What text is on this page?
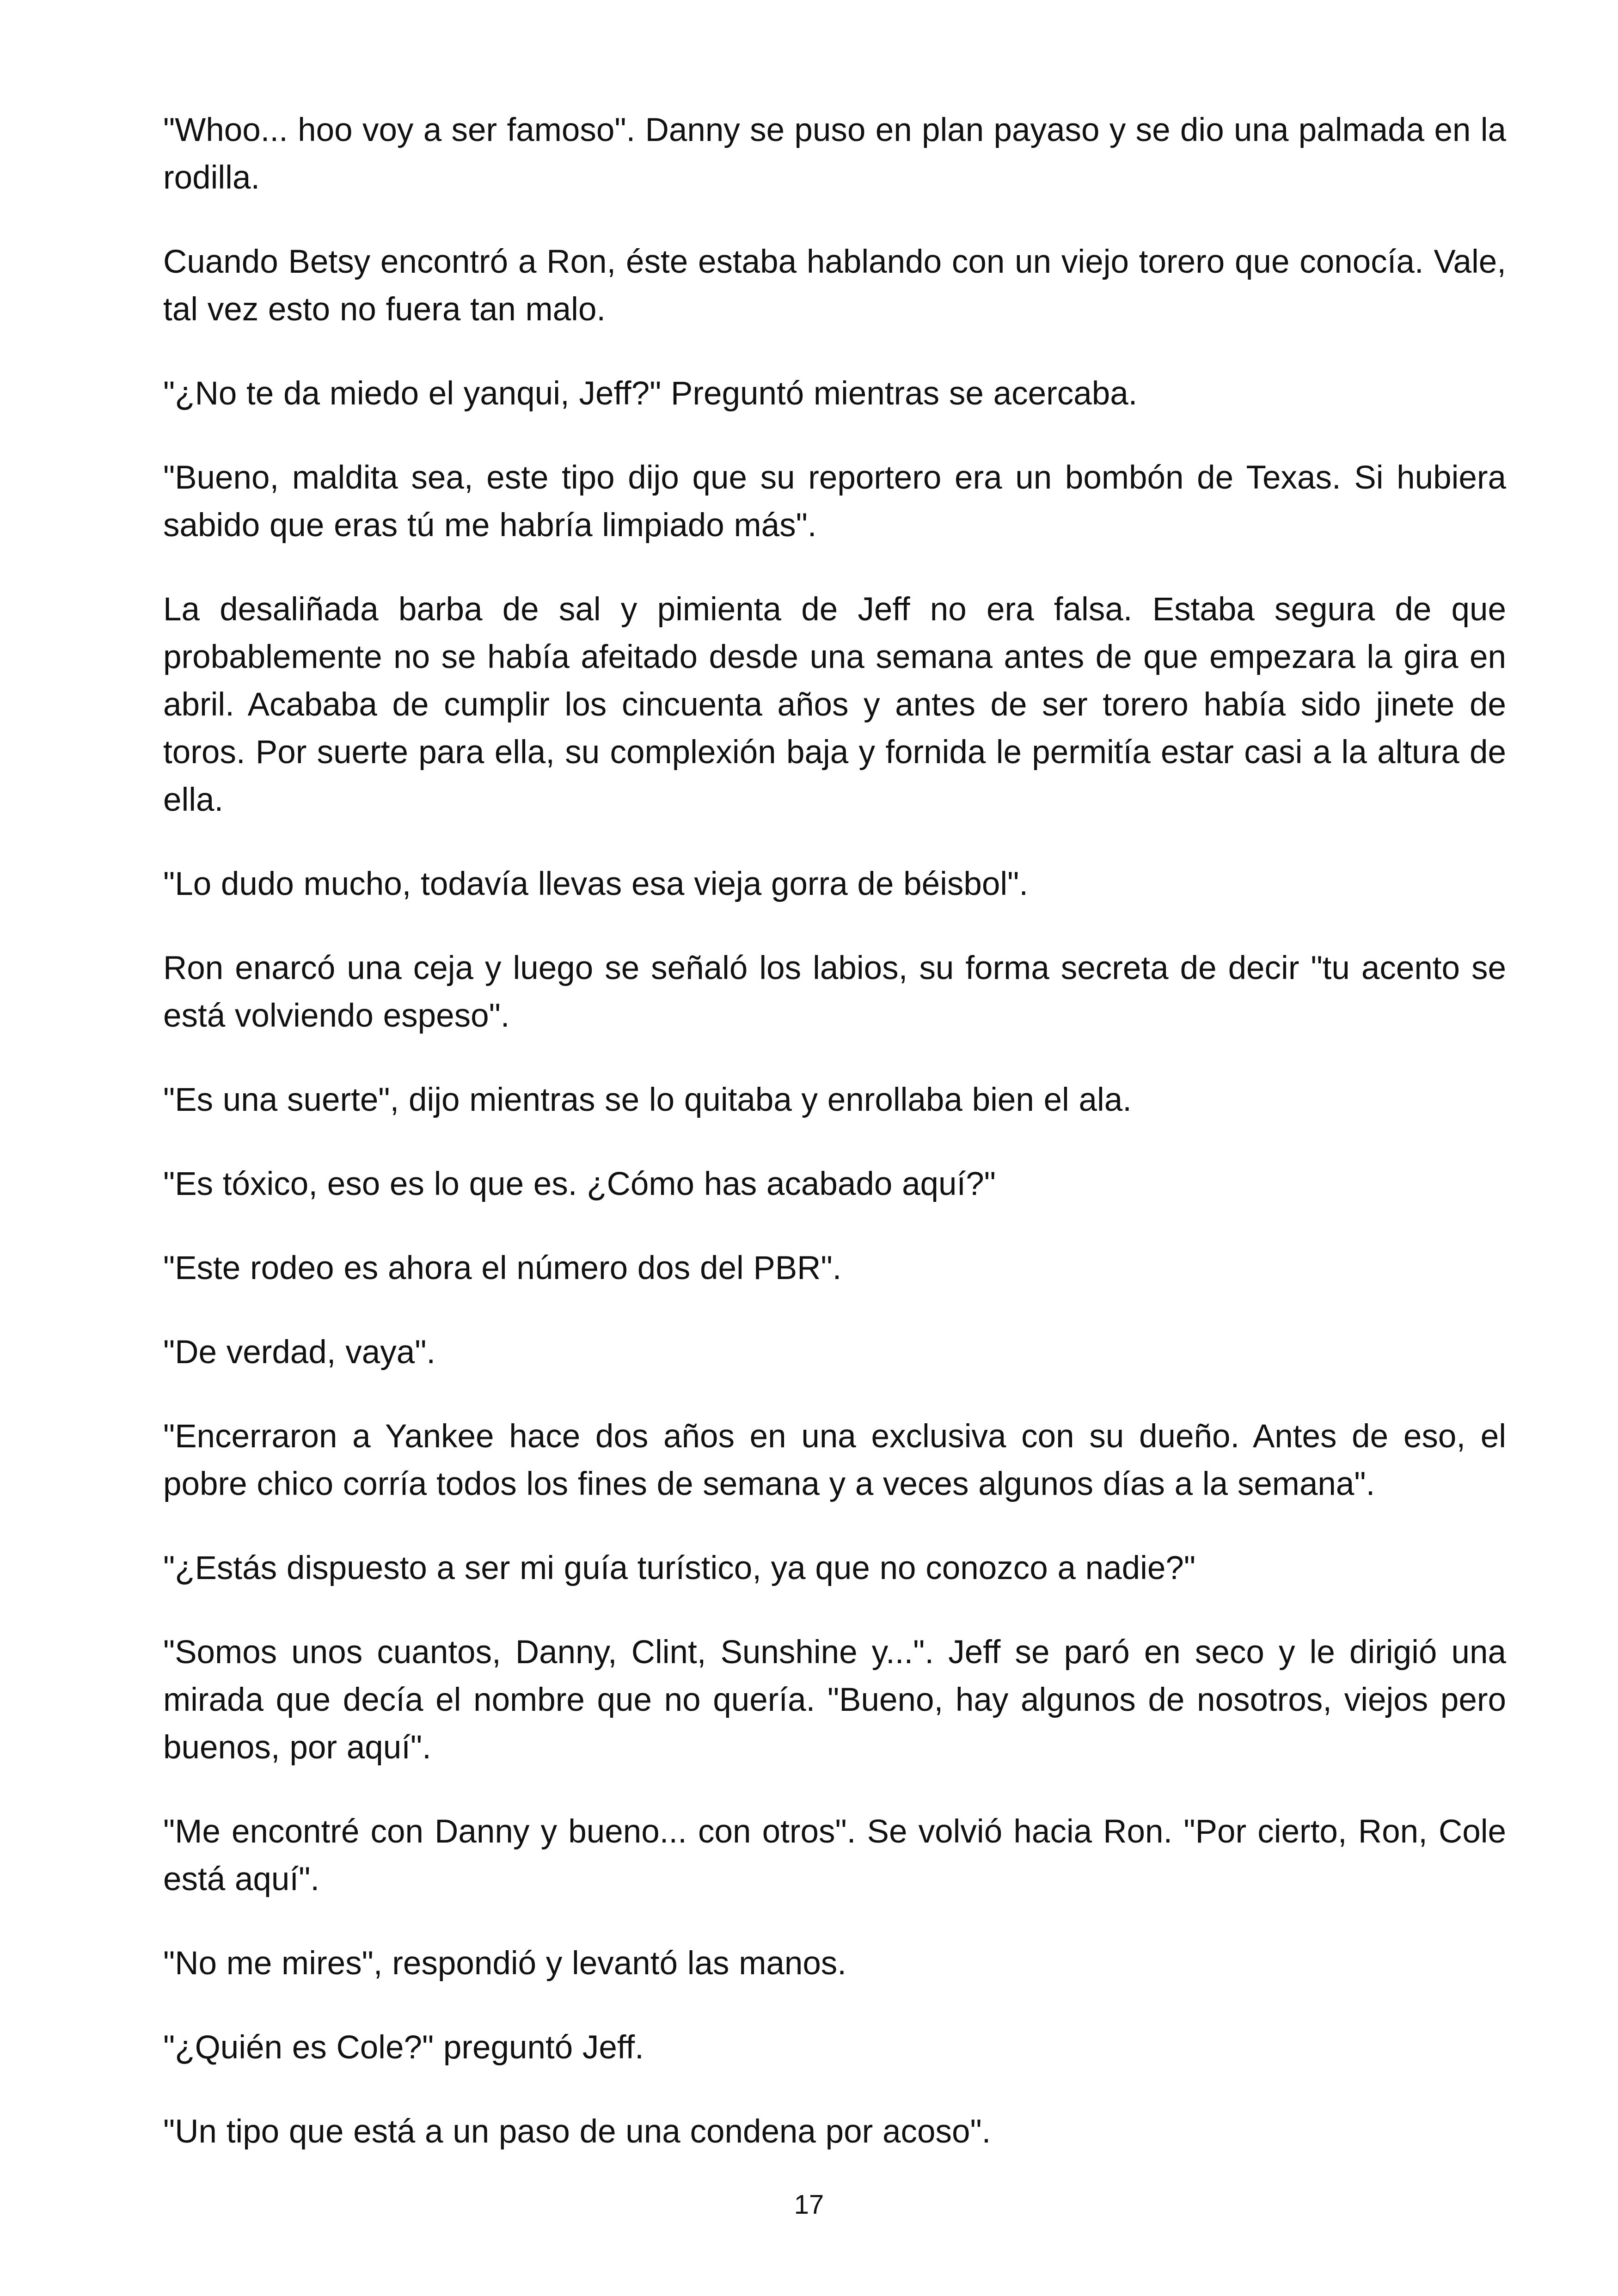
"Whoo... hoo voy a ser famoso". Danny se puso en plan payaso y se dio una palmada en la rodilla.

Cuando Betsy encontró a Ron, éste estaba hablando con un viejo torero que conocía. Vale, tal vez esto no fuera tan malo.

"¿No te da miedo el yanqui, Jeff?" Preguntó mientras se acercaba.

"Bueno, maldita sea, este tipo dijo que su reportero era un bombón de Texas. Si hubiera sabido que eras tú me habría limpiado más".

La desaliñada barba de sal y pimienta de Jeff no era falsa. Estaba segura de que probablemente no se había afeitado desde una semana antes de que empezara la gira en abril. Acababa de cumplir los cincuenta años y antes de ser torero había sido jinete de toros. Por suerte para ella, su complexión baja y fornida le permitía estar casi a la altura de ella.

"Lo dudo mucho, todavía llevas esa vieja gorra de béisbol".

Ron enarcó una ceja y luego se señaló los labios, su forma secreta de decir "tu acento se está volviendo espeso".

"Es una suerte", dijo mientras se lo quitaba y enrollaba bien el ala.

"Es tóxico, eso es lo que es. ¿Cómo has acabado aquí?"

"Este rodeo es ahora el número dos del PBR".

"De verdad, vaya".

"Encerraron a Yankee hace dos años en una exclusiva con su dueño. Antes de eso, el pobre chico corría todos los fines de semana y a veces algunos días a la semana".

"¿Estás dispuesto a ser mi guía turístico, ya que no conozco a nadie?"

"Somos unos cuantos, Danny, Clint, Sunshine y...". Jeff se paró en seco y le dirigió una mirada que decía el nombre que no quería. "Bueno, hay algunos de nosotros, viejos pero buenos, por aquí".

"Me encontré con Danny y bueno... con otros". Se volvió hacia Ron. "Por cierto, Ron, Cole está aquí".

"No me mires", respondió y levantó las manos.

"¿Quién es Cole?" preguntó Jeff.

"Un tipo que está a un paso de una condena por acoso".

17
